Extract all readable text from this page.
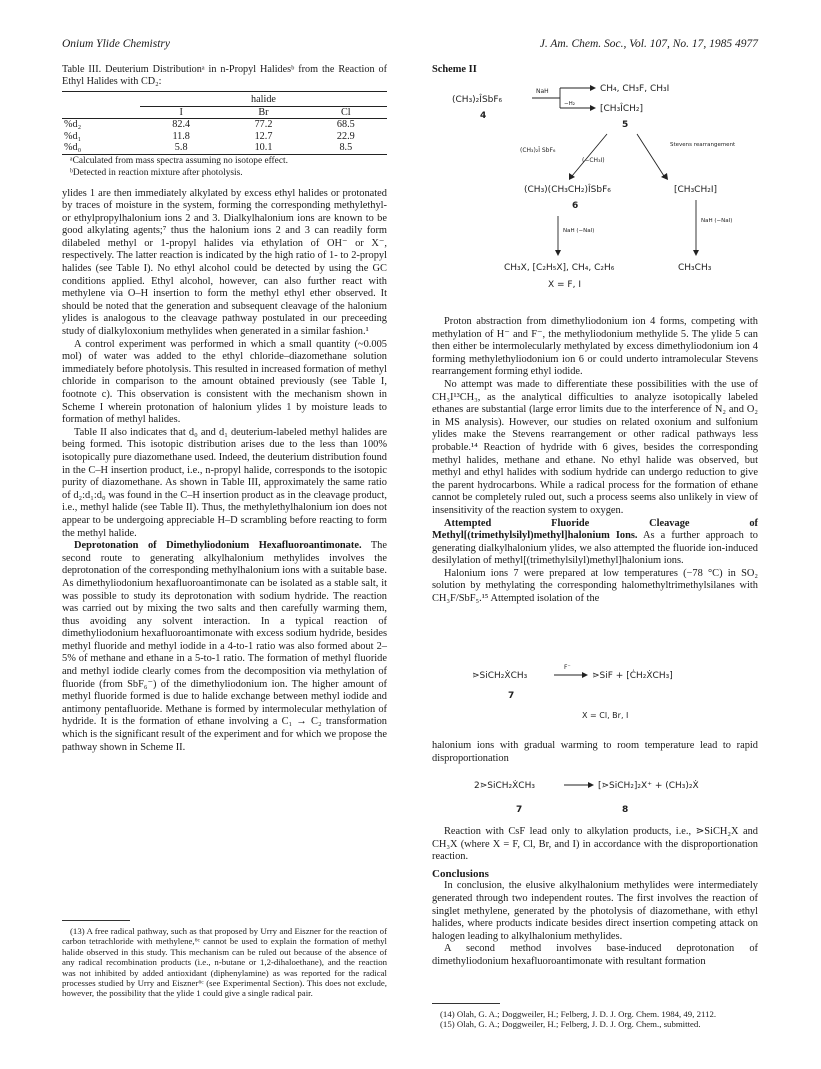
Onium Ylide Chemistry	J. Am. Chem. Soc., Vol. 107, No. 17, 1985 4977

Table III. Deuterium Distributionᵃ in n-Propyl Halidesᵇ from the Reaction of Ethyl Halides with CD₂:

	halide		
	I	Br	Cl
%d₂	82.4	77.2	68.5
%d₁	11.8	12.7	22.9
%d₀	5.8	10.1	8.5

ᵃCalculated from mass spectra assuming no isotope effect.

ᵇDetected in reaction mixture after photolysis.

ylides 1 are then immediately alkylated by excess ethyl halides or protonated by traces of moisture in the system, forming the corresponding methylethyl- or ethylpropylhalonium ions 2 and 3. Dialkylhalonium ions are known to be good alkylating agents;⁷ thus the halonium ions 2 and 3 can readily form dilabeled methyl or 1-propyl halides via ethylation of OH⁻ or X⁻, respectively. The latter reaction is indicated by the high ratio of 1- to 2-propyl halides (see Table I). No ethyl alcohol could be detected by using the GC conditions applied. Ethyl alcohol, however, can also further react with methylene via O–H insertion to form the methyl ethyl ether observed. It should be noted that the generation and subsequent cleavage of the halonium ylides is analogous to the cleavage pathway postulated in our preceeding study of dialkyloxonium methylides when generated in a similar fashion.¹

A control experiment was performed in which a small quantity (~0.005 mol) of water was added to the ethyl chloride–diazomethane solution immediately before photolysis. This resulted in increased formation of methyl chloride in comparison to the amount obtained previously (see Table I, footnote c). This observation is consistent with the mechanism shown in Scheme I wherein protonation of halonium ylides 1 by moisture leads to formation of methyl halides.

Table II also indicates that d₀ and d₁ deuterium-labeled methyl halides are being formed. This isotopic distribution arises due to the less than 100% isotopically pure diazomethane used. Indeed, the deuterium distribution found in the C–H insertion product, i.e., n-propyl halide, corresponds to the isotopic purity of diazomethane. As shown in Table III, approximately the same ratio of d₂:d₁:d₀ was found in the C–H insertion product as in the cleavage product, i.e., methyl halide (see Table II). Thus, the methylethylhalonium ion does not appear to be undergoing appreciable H–D scrambling before reacting to form the methyl halide.

Deprotonation of Dimethyliodonium Hexafluoroantimonate. The second route to generating alkylhalonium methylides involves the deprotonation of the corresponding methylhalonium ions with a suitable base. As dimethyliodonium hexafluoroantimonate can be isolated as a stable salt, it was possible to study its deprotonation with sodium hydride. The reaction was carried out by mixing the two salts and then carefully warming them, thus avoiding any solvent interaction. In a typical reaction of dimethyliodonium hexafluoroantimonate with excess sodium hydride, besides methyl fluoride and methyl iodide in a 4-to-1 ratio was also formed about 2–5% of methane and ethane in a 5-to-1 ratio. The formation of methyl fluoride and methyl iodide clearly comes from the decomposition via methylation of fluoride (from SbF₆⁻) of the dimethyliodonium ion. The higher amount of methyl fluoride formed is due to halide exchange between methyl iodide and antimony pentafluoride. Methane is formed by intermolecular methylation of hydride. It is the formation of ethane involving a C₁ → C₂ transformation which is the significant result of the experiment and for which we propose the pathway shown in Scheme II.

(13) A free radical pathway, such as that proposed by Urry and Eiszner for the reaction of carbon tetrachloride with methylene,⁶ᶜ cannot be used to explain the formation of methyl halide observed in this study. This mechanism can be ruled out because of the absence of any radical recombination products (i.e., n-butane or 1,2-dihaloethane), and the reaction was not inhibited by added antioxidant (diphenylamine) as was reported for the radical processes studied by Urry and Eiszner⁶ᶜ (see Experimental Section). This does not exclude, however, the possibility that the ylide 1 could give a single radical pair.

Scheme II
(CH₃)₂ÎSbF₆
4
NaH
−H₂
CH₄, CH₃F, CH₃I
[CH₃ÎCH₂]
5
(CH₃)₂Î SbF₆
(−CH₃I)
Stevens rearrangement
(CH₃)(CH₃CH₂)ÎSbF₆
6
[CH₃CH₂I]
NaH (−NaI)
NaH (−NaI)
CH₃X, [C₂H₅X], CH₄, C₂H₆	CH₃CH₃
X = F, I

Proton abstraction from dimethyliodonium ion 4 forms, competing with methylation of H⁻ and F⁻, the methyliodonium methylide 5. The ylide 5 can then either be intermolecularly methylated by excess dimethyliodonium ion 4 forming methylethyliodonium ion 6 or could underto intramolecular Stevens rearrangement forming ethyl iodide.

No attempt was made to differentiate these possibilities with the use of CH₃I¹³CH₃, as the analytical difficulties to analyze isotopically labeled ethanes are substantial (large error limits due to the interference of N₂ and O₂ in MS analysis). However, our studies on related oxonium and sulfonium ylides make the Stevens rearrangement or other radical pathways less probable.¹⁴ Reaction of hydride with 6 gives, besides the corresponding methyl halides, methane and ethane. No ethyl halide was observed, but methyl and ethyl halides with sodium hydride can undergo reduction to give the parent hydrocarbons. While a radical process for the formation of ethane cannot be completely ruled out, such a process seems also unlikely in view of insensitivity of the reaction system to oxygen.

Attempted Fluoride Cleavage of Methyl[(trimethylsilyl)methyl]halonium Ions. As a further approach to generating dialkylhalonium ylides, we also attempted the fluoride ion-induced desilylation of methyl[(trimethylsilyl)methyl]halonium ions.

Halonium ions 7 were prepared at low temperatures (−78 °C) in SO₂ solution by methylating the corresponding halomethyltrimethylsilanes with CH₃F/SbF₅.¹⁵ Attempted isolation of the

⋗SiCH₂ẊCH₃
F⁻
⋗SiF + [ĊH₂ẊCH₃]
7
X = Cl, Br, I

halonium ions with gradual warming to room temperature lead to rapid disproportionation

2⋗SiCH₂ẊCH₃	[⋗SiCH₂]₂X⁺ + (CH₃)₂Ẋ
7	8

Reaction with CsF lead only to alkylation products, i.e., ⋗SiCH₂X and CH₃X (where X = F, Cl, Br, and I) in accordance with the disproportionation reaction.

Conclusions

In conclusion, the elusive alkylhalonium methylides were intermediately generated through two independent routes. The first involves the reaction of singlet methylene, generated by the photolysis of diazomethane, with ethyl halides, where products indicate besides direct insertion competing attack on halogen leading to alkylhalonium methylides.

A second method involves base-induced deprotonation of dimethyliodonium hexafluoroantimonate with resultant formation

(14) Olah, G. A.; Doggweiler, H.; Felberg, J. D. J. Org. Chem. 1984, 49, 2112.

(15) Olah, G. A.; Doggweiler, H.; Felberg, J. D. J. Org. Chem., submitted.
